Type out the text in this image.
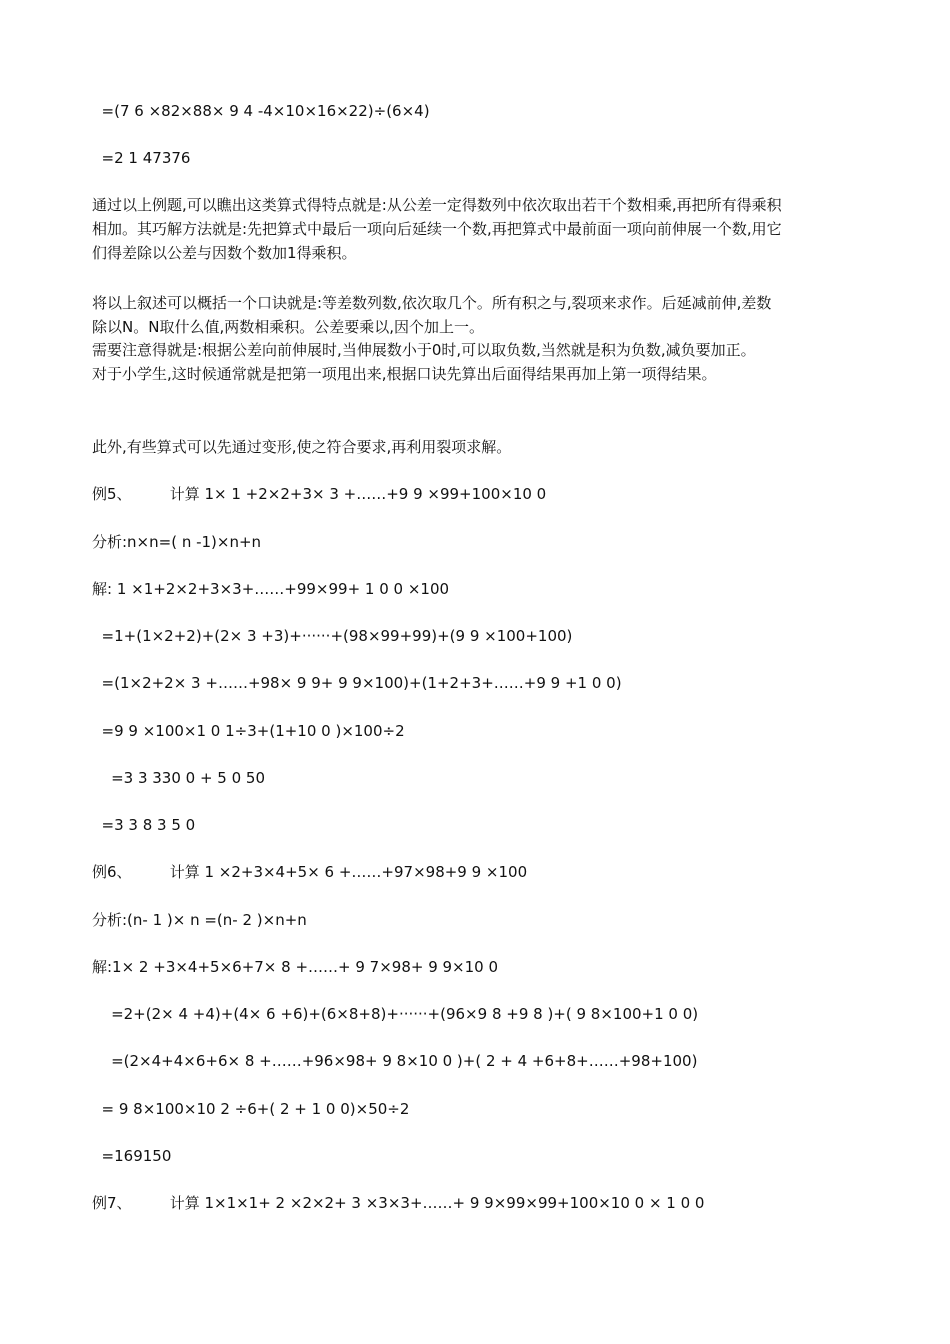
=(7 6 ×82×88× 9 4 -4×10×16×22)÷(6×4)
=2 1 47376
通过以上例题,可以瞧出这类算式得特点就是:从公差一定得数列中依次取出若干个数相乘,再把所有得乘积
相加。其巧解方法就是:先把算式中最后一项向后延续一个数,再把算式中最前面一项向前伸展一个数,用它
们得差除以公差与因数个数加1得乘积。
将以上叙述可以概括一个口诀就是:等差数列数,依次取几个。所有积之与,裂项来求作。后延减前伸,差数
除以N。N取什么值,两数相乘积。公差要乘以,因个加上一。
需要注意得就是:根据公差向前伸展时,当伸展数小于0时,可以取负数,当然就是积为负数,减负要加正。
对于小学生,这时候通常就是把第一项甩出来,根据口诀先算出后面得结果再加上第一项得结果。
此外,有些算式可以先通过变形,使之符合要求,再利用裂项求解。
例5、        计算 1× 1 +2×2+3× 3 +……+9 9 ×99+100×10 0
分析:n×n=( n -1)×n+n
解: 1 ×1+2×2+3×3+……+99×99+ 1 0 0 ×100
=1+(1×2+2)+(2× 3 +3)+······+(98×99+99)+(9 9 ×100+100)
=(1×2+2× 3 +……+98× 9 9+ 9 9×100)+(1+2+3+……+9 9 +1 0 0)
=9 9 ×100×1 0 1÷3+(1+10 0 )×100÷2
=3 3 330 0 + 5 0 50
=3 3 8 3 5 0
例6、        计算 1 ×2+3×4+5× 6 +……+97×98+9 9 ×100
分析:(n- 1 )× n =(n- 2 )×n+n
解:1× 2 +3×4+5×6+7× 8 +……+ 9 7×98+ 9 9×10 0
=2+(2× 4 +4)+(4× 6 +6)+(6×8+8)+······+(96×9 8 +9 8 )+( 9 8×100+1 0 0)
=(2×4+4×6+6× 8 +……+96×98+ 9 8×10 0 )+( 2 + 4 +6+8+……+98+100)
= 9 8×100×10 2 ÷6+( 2 + 1 0 0)×50÷2
=169150
例7、        计算 1×1×1+ 2 ×2×2+ 3 ×3×3+……+ 9 9×99×99+100×10 0 × 1 0 0
